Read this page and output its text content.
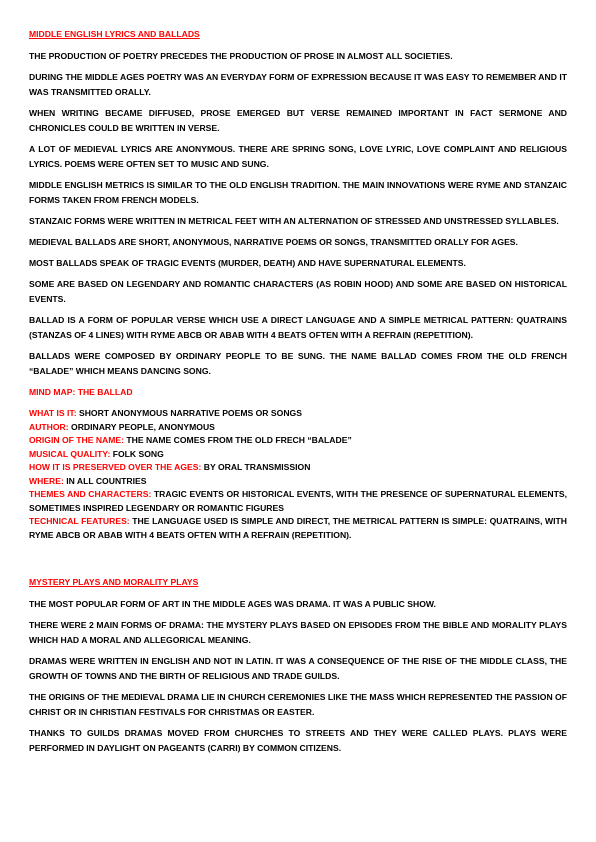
MIDDLE ENGLISH LYRICS AND BALLADS

THE PRODUCTION OF POETRY PRECEDES THE PRODUCTION OF PROSE IN ALMOST ALL SOCIETIES.

DURING THE MIDDLE AGES POETRY WAS AN EVERYDAY FORM OF EXPRESSION BECAUSE IT WAS EASY TO REMEMBER AND IT WAS TRANSMITTED ORALLY.

WHEN WRITING BECAME DIFFUSED, PROSE EMERGED BUT VERSE REMAINED IMPORTANT IN FACT SERMONE AND CHRONICLES COULD BE WRITTEN IN VERSE.

A LOT OF MEDIEVAL LYRICS ARE ANONYMOUS. THERE ARE SPRING SONG, LOVE LYRIC, LOVE COMPLAINT AND RELIGIOUS LYRICS. POEMS WERE OFTEN SET TO MUSIC AND SUNG.

MIDDLE ENGLISH METRICS IS SIMILAR TO THE OLD ENGLISH TRADITION. THE MAIN INNOVATIONS WERE RYME AND STANZAIC FORMS TAKEN FROM FRENCH MODELS.

STANZAIC FORMS WERE WRITTEN IN METRICAL FEET WITH AN ALTERNATION OF STRESSED AND UNSTRESSED SYLLABLES.

MEDIEVAL BALLADS ARE SHORT, ANONYMOUS, NARRATIVE POEMS OR SONGS, TRANSMITTED ORALLY FOR AGES.

MOST BALLADS SPEAK OF TRAGIC EVENTS (MURDER, DEATH) AND HAVE SUPERNATURAL ELEMENTS.

SOME ARE BASED ON LEGENDARY AND ROMANTIC CHARACTERS (AS ROBIN HOOD) AND SOME ARE BASED ON HISTORICAL EVENTS.

BALLAD IS A FORM OF POPULAR VERSE WHICH USE A DIRECT LANGUAGE AND A SIMPLE METRICAL PATTERN: QUATRAINS (STANZAS OF 4 LINES) WITH RYME ABCB OR ABAB WITH 4 BEATS OFTEN WITH A REFRAIN (REPETITION).

BALLADS WERE COMPOSED BY ORDINARY PEOPLE TO BE SUNG. THE NAME BALLAD COMES FROM THE OLD FRENCH “BALADE” WHICH MEANS DANCING SONG.

MIND MAP: THE BALLAD
WHAT IS IT: SHORT ANONYMOUS NARRATIVE POEMS OR SONGS
AUTHOR: ORDINARY PEOPLE, ANONYMOUS
ORIGIN OF THE NAME: THE NAME COMES FROM THE OLD FRECH “BALADE”
MUSICAL QUALITY: FOLK SONG
HOW IT IS PRESERVED OVER THE AGES: BY ORAL TRANSMISSION
WHERE: IN ALL COUNTRIES
THEMES AND CHARACTERS: TRAGIC EVENTS OR HISTORICAL EVENTS, WITH THE PRESENCE OF SUPERNATURAL ELEMENTS, SOMETIMES INSPIRED LEGENDARY OR ROMANTIC FIGURES
TECHNICAL FEATURES: THE LANGUAGE USED IS SIMPLE AND DIRECT, THE METRICAL PATTERN IS SIMPLE: QUATRAINS, WITH RYME ABCB OR ABAB WITH 4 BEATS OFTEN WITH A REFRAIN (REPETITION).
MYSTERY PLAYS AND MORALITY PLAYS

THE MOST POPULAR FORM OF ART IN THE MIDDLE AGES WAS DRAMA. IT WAS A PUBLIC SHOW.

THERE WERE 2 MAIN FORMS OF DRAMA: THE MYSTERY PLAYS BASED ON EPISODES FROM THE BIBLE AND MORALITY PLAYS WHICH HAD A MORAL AND ALLEGORICAL MEANING.

DRAMAS WERE WRITTEN IN ENGLISH AND NOT IN LATIN. IT WAS A CONSEQUENCE OF THE RISE OF THE MIDDLE CLASS, THE GROWTH OF TOWNS AND THE BIRTH OF RELIGIOUS AND TRADE GUILDS.

THE ORIGINS OF THE MEDIEVAL DRAMA LIE IN CHURCH CEREMONIES LIKE THE MASS WHICH REPRESENTED THE PASSION OF CHRIST OR IN CHRISTIAN FESTIVALS FOR CHRISTMAS OR EASTER.

THANKS TO GUILDS DRAMAS MOVED FROM CHURCHES TO STREETS AND THEY WERE CALLED PLAYS. PLAYS WERE PERFORMED IN DAYLIGHT ON PAGEANTS (CARRI) BY COMMON CITIZENS.
